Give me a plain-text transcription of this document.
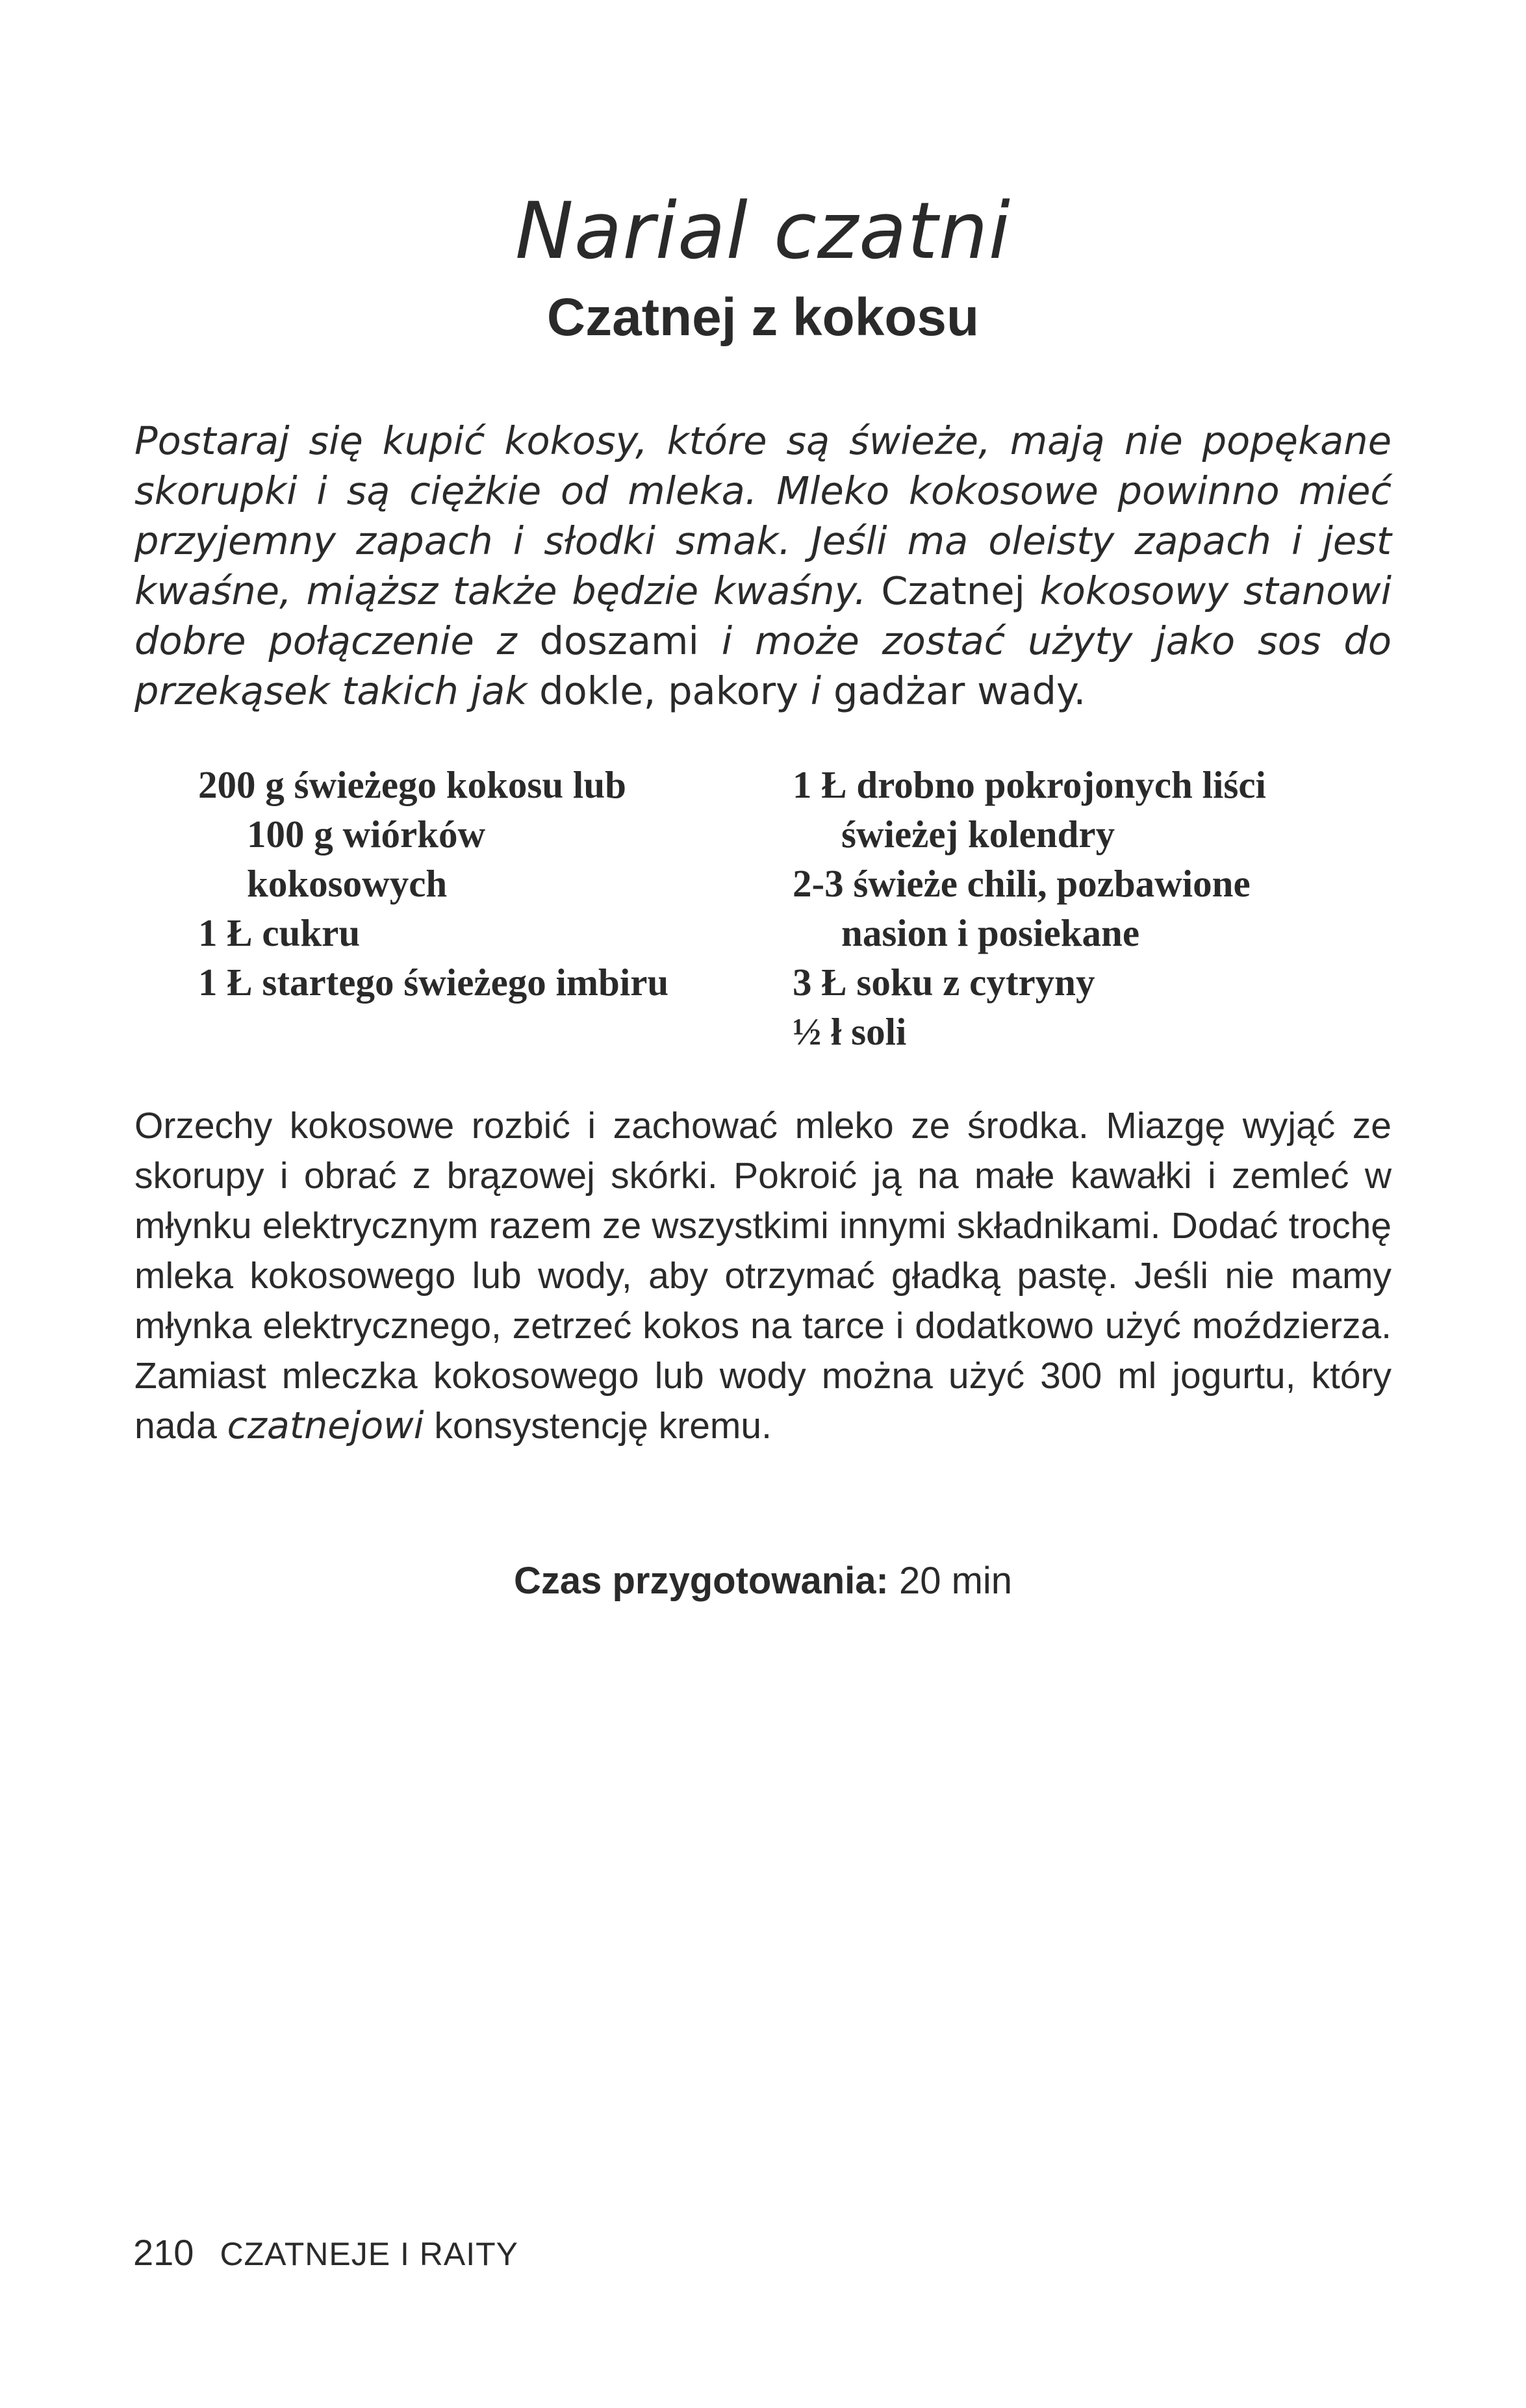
Narial czatni
Czatnej z kokosu

Postaraj się kupić kokosy, które są świeże, mają nie popękane skorupki i są ciężkie od mleka. Mleko kokosowe powinno mieć przyjemny zapach i słodki smak. Jeśli ma oleisty zapach i jest kwaśne, miąższ także będzie kwaśny. Czatnej kokosowy stanowi dobre połączenie z doszami i może zostać użyty jako sos do przekąsek takich jak dokle, pakory i gadżar wady.

200 g świeżego kokosu lub 100 g wiórków kokosowych
1 Ł cukru
1 Ł startego świeżego imbiru
1 Ł drobno pokrojonych liści świeżej kolendry
2-3 świeże chili, pozbawione nasion i posiekane
3 Ł soku z cytryny
½ ł soli

Orzechy kokosowe rozbić i zachować mleko ze środka. Miazgę wyjąć ze skorupy i obrać z brązowej skórki. Pokroić ją na małe kawałki i zemleć w młynku elektrycznym razem ze wszystkimi innymi składnikami. Dodać trochę mleka kokosowego lub wody, aby otrzymać gładką pastę. Jeśli nie mamy młynka elektrycznego, zetrzeć kokos na tarce i dodatkowo użyć moździerza. Zamiast mleczka kokosowego lub wody można użyć 300 ml jogurtu, który nada czatnejowi konsystencję kremu.

Czas przygotowania: 20 min

210 CZATNEJE I RAITY
